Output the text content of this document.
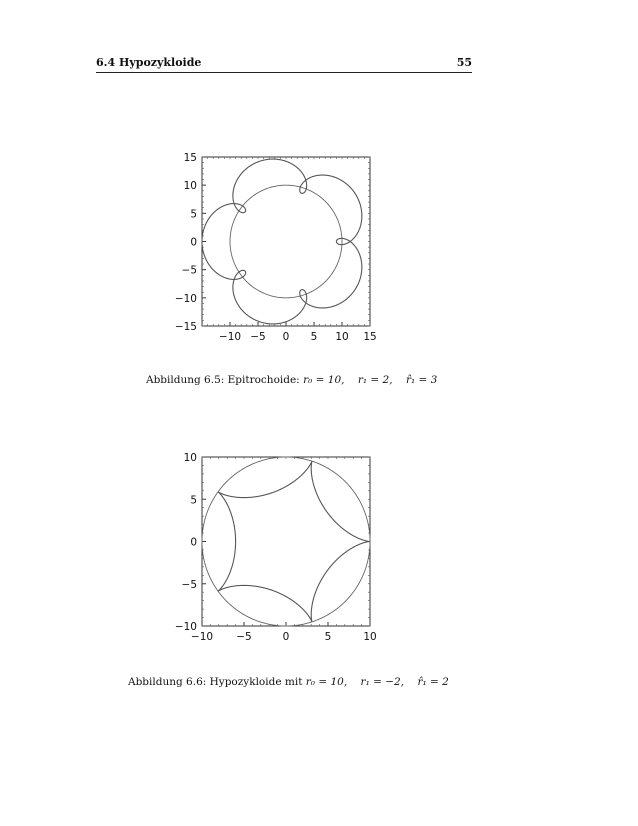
6.4 Hypozykloide	55
−10 −5 0 5 10 15
15
10
5
0
−5
−10
−15
−10 −5	0	5	10
10
5
0
−5
−10
Abbildung 6.5: Epitrochoide: r₀ = 10, r₁ = 2, r̂₁ = 3
Abbildung 6.6: Hypozykloide mit r₀ = 10, r₁ = −2, r̂₁ = 2
